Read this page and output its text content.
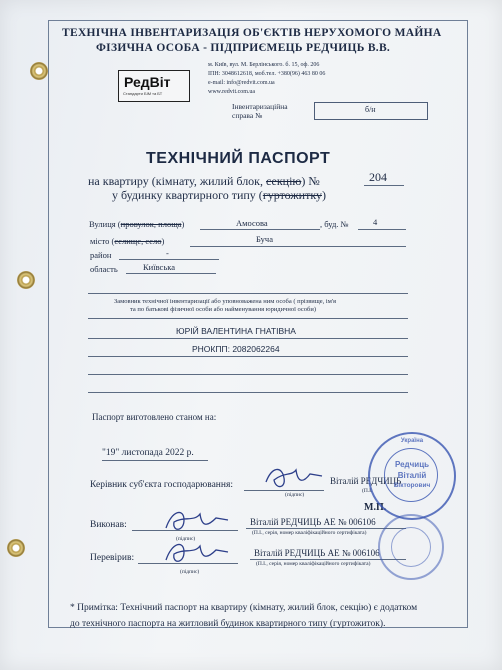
ТЕХНІЧНА ІНВЕНТАРИЗАЦІЯ ОБ'ЄКТІВ НЕРУХОМОГО МАЙНА
ФІЗИЧНА ОСОБА - ПІДПРИЄМЕЦЬ РЕДЧИЦЬ В.В.
РедВіт
Стандарти БІМ та БТ
м. Київ, вул. М. Берлінського. б. 15, оф. 206
ІПН: 3048612618, моб.тел. +380(96) 463 80 06
e-mail: info@redvit.com.ua
www.redvit.com.ua
Інвентаризаційна
справа №
б/н
ТЕХНІЧНИЙ ПАСПОРТ
на квартиру (кімнату, жилий блок, секцію) №	204
у будинку квартирного типу (гуртожитку)
Вулиця (провулок, площа)	Амосова	, буд. №	4
місто (селище, село)	Буча
район	-
область	Київська
Замовник технічної інвентаризації або уповноважена ним особа ( прізвище, ім'я
та по батькові фізичної особи або найменування юридичної особи)
ЮРІЙ ВАЛЕНТИНА ГНАТІВНА
РНОКПП: 2082062264
Паспорт виготовлено станом на:
"19" листопада 2022 р.
Керівник суб'єкта господарювання:
(підпис)
Віталій РЕДЧИЦЬ
(П.І.
М.П.
Виконав:	Віталій РЕДЧИЦЬ АЕ № 006106
(П.І., серія, номер кваліфікаційного сертифіката)
(підпис)
Перевірив:	Віталій РЕДЧИЦЬ АЕ № 006106
(П.І., серія, номер кваліфікаційного сертифіката)
(підпис)
Україна
Редчиць
Віталій
Вікторович
* Примітка: Технічний паспорт на квартиру (кімнату, жилий блок, секцію) є додатком
до технічного паспорта на житловий будинок квартирного типу (гуртожиток).
